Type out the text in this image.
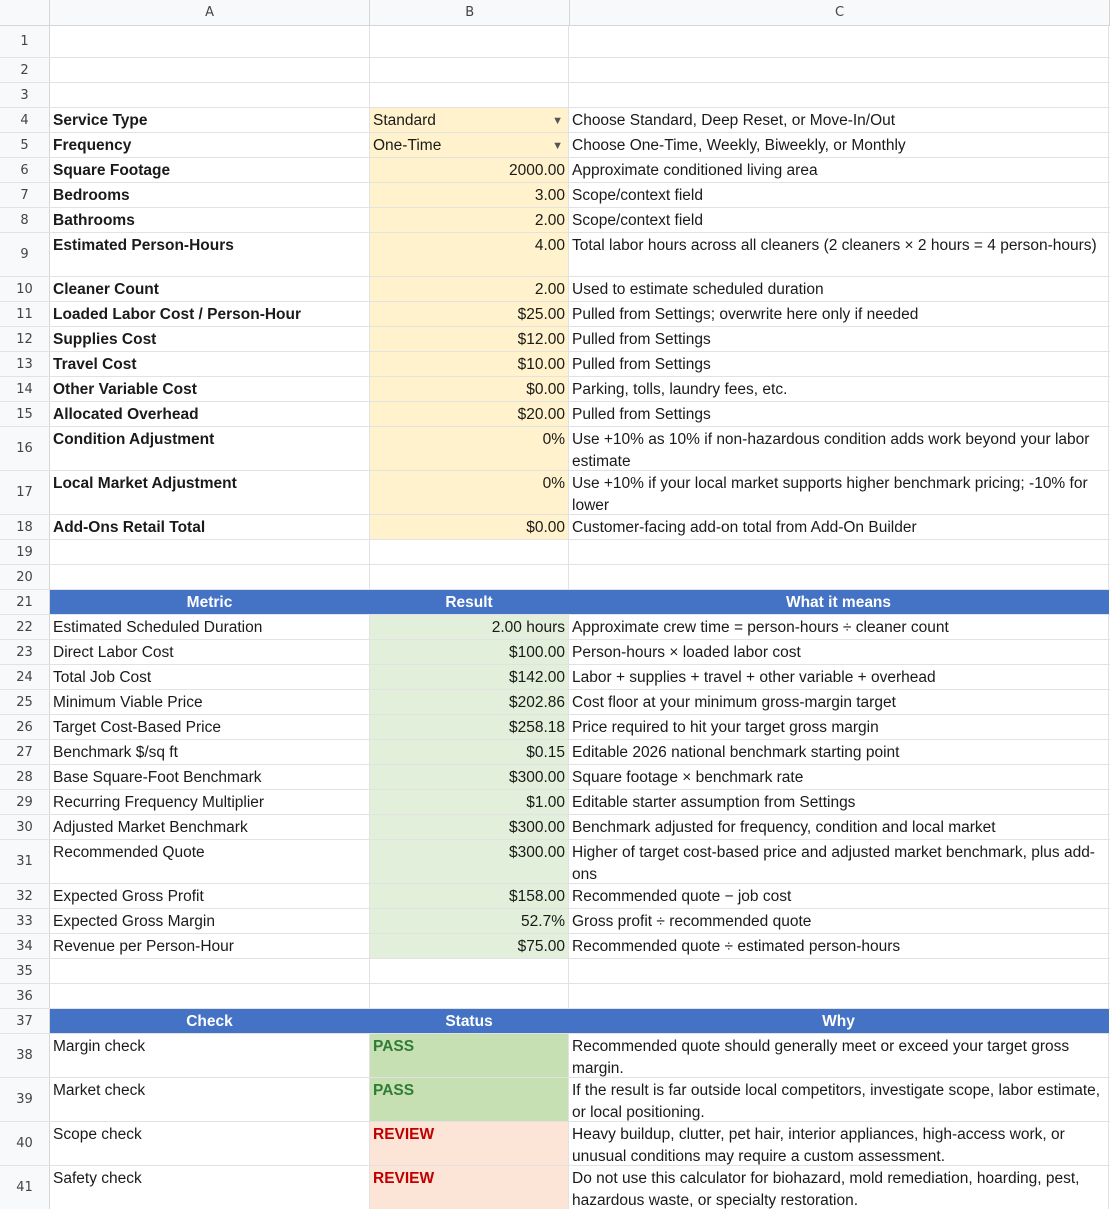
A	B	C
1
2
3
4	Service Type	Standard	▼ Choose Standard, Deep Reset, or Move-In/Out
5	Frequency	One-Time	▼ Choose One-Time, Weekly, Biweekly, or Monthly
6	Square Footage	2000.00 Approximate conditioned living area
7	Bedrooms	3.00 Scope/context field
8	Bathrooms	2.00 Scope/context field
9
Estimated Person-Hours	4.00 Total labor hours across all cleaners (2 cleaners × 2 hours = 4 person-hours)
10	Cleaner Count	2.00 Used to estimate scheduled duration
11	Loaded Labor Cost / Person-Hour	$25.00 Pulled from Settings; overwrite here only if needed
12	Supplies Cost	$12.00 Pulled from Settings
13	Travel Cost	$10.00 Pulled from Settings
14	Other Variable Cost	$0.00 Parking, tolls, laundry fees, etc.
15	Allocated Overhead	$20.00 Pulled from Settings
16
Condition Adjustment	0% Use +10% as 10% if non-hazardous condition adds work beyond your labor estimate
17
Local Market Adjustment	0% Use +10% if your local market supports higher benchmark pricing; -10% for lower
18	Add-Ons Retail Total	$0.00 Customer-facing add-on total from Add-On Builder
19
20
21	Metric	Result	What it means
22	Estimated Scheduled Duration	2.00 hours Approximate crew time = person-hours ÷ cleaner count
23	Direct Labor Cost	$100.00 Person-hours × loaded labor cost
24	Total Job Cost	$142.00 Labor + supplies + travel + other variable + overhead
25	Minimum Viable Price	$202.86 Cost floor at your minimum gross-margin target
26	Target Cost-Based Price	$258.18 Price required to hit your target gross margin
27	Benchmark $/sq ft	$0.15 Editable 2026 national benchmark starting point
28	Base Square-Foot Benchmark	$300.00 Square footage × benchmark rate
29	Recurring Frequency Multiplier	$1.00 Editable starter assumption from Settings
30	Adjusted Market Benchmark	$300.00 Benchmark adjusted for frequency, condition and local market
31
Recommended Quote	$300.00 Higher of target cost-based price and adjusted market benchmark, plus add-ons
32	Expected Gross Profit	$158.00 Recommended quote − job cost
33	Expected Gross Margin	52.7% Gross profit ÷ recommended quote
34	Revenue per Person-Hour	$75.00 Recommended quote ÷ estimated person-hours
35
36
37	Check	Status	Why
38
Margin check	PASS	Recommended quote should generally meet or exceed your target gross margin.
39
Market check	PASS	If the result is far outside local competitors, investigate scope, labor estimate, or local positioning.
40
Scope check	REVIEW	Heavy buildup, clutter, pet hair, interior appliances, high-access work, or unusual conditions may require a custom assessment.
41
Safety check	REVIEW	Do not use this calculator for biohazard, mold remediation, hoarding, pest, hazardous waste, or specialty restoration.
